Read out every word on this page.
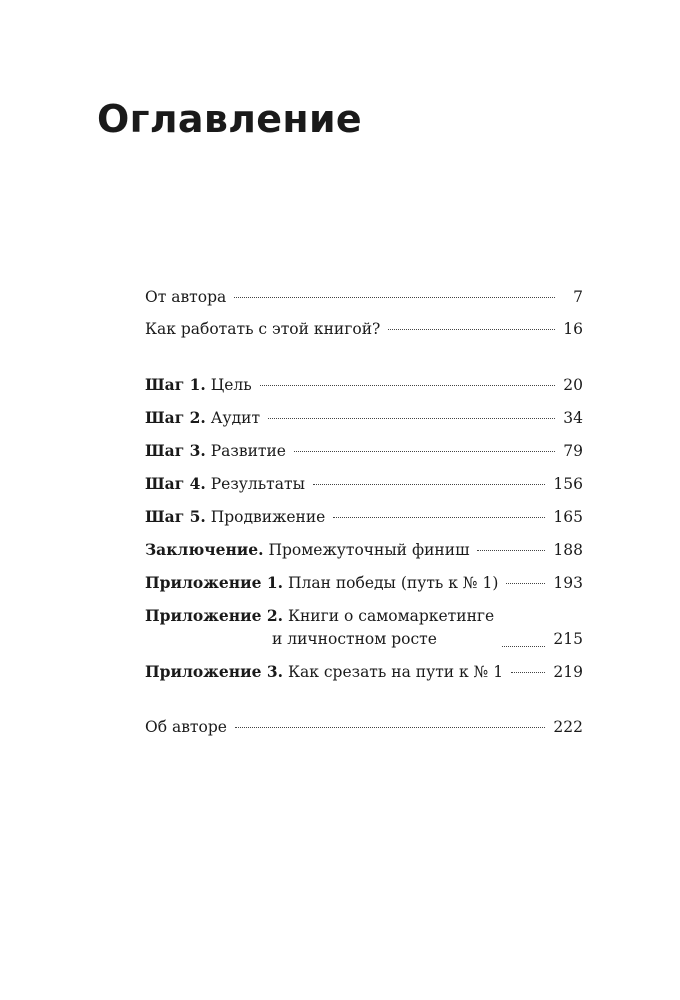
Оглавление
От автора	7
Как работать с этой книгой?	16
Шаг 1. Цель	20
Шаг 2. Аудит	34
Шаг 3. Развитие	79
Шаг 4. Результаты	156
Шаг 5. Продвижение	165
Заключение. Промежуточный финиш	188
Приложение 1. План победы (путь к № 1)	193
Приложение 2. Книги о самомаркетинге
и личностном росте	215
Приложение 3. Как срезать на пути к № 1	219
Об авторе	222
